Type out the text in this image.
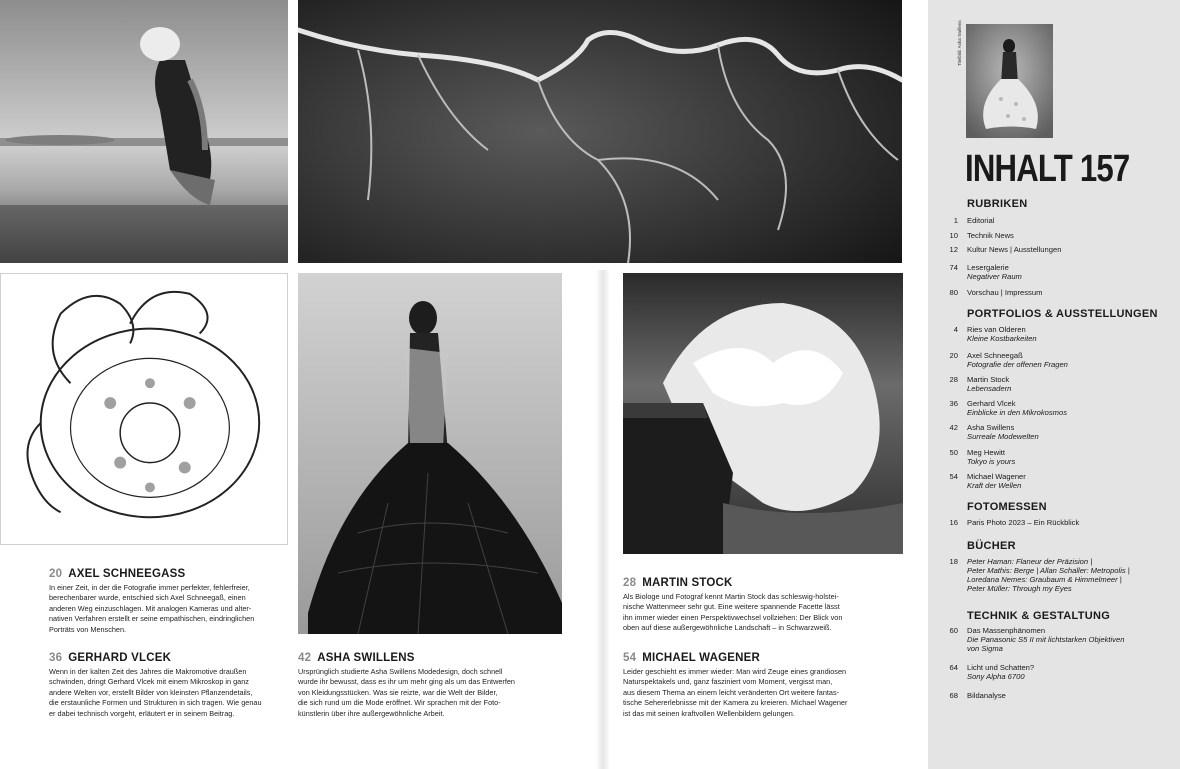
20 AXEL SCHNEEGASS

In einer Zeit, in der die Fotografie immer perfekter, fehlerfreier,
berechenbarer wurde, entschied sich Axel Schneegaß, einen
anderen Weg einzuschlagen. Mit analogen Kameras und alter-
nativen Verfahren erstellt er seine empathischen, eindringlichen
Porträts von Menschen.

36 GERHARD VLCEK

Wenn in der kalten Zeit des Jahres die Makromotive draußen
schwinden, dringt Gerhard Vlcek mit einem Mikroskop in ganz
andere Welten vor, erstellt Bilder von kleinsten Pflanzendetails,
die erstaunliche Formen und Strukturen in sich tragen. Wie genau
er dabei technisch vorgeht, erläutert er in seinem Beitrag.

42 ASHA SWILLENS

Ursprünglich studierte Asha Swillens Modedesign, doch schnell
wurde ihr bewusst, dass es ihr um mehr ging als um das Entwerfen
von Kleidungsstücken. Was sie reizte, war die Welt der Bilder,
die sich rund um die Mode eröffnet. Wir sprachen mit der Foto-
künstlerin über ihre außergewöhnliche Arbeit.

28 MARTIN STOCK

Als Biologe und Fotograf kennt Martin Stock das schleswig-holstei-
nische Wattenmeer sehr gut. Eine weitere spannende Facette lässt
ihn immer wieder einen Perspektivwechsel vollziehen: Der Blick von
oben auf diese außergewöhnliche Landschaft – in Schwarzweiß.

54 MICHAEL WAGENER

Leider geschieht es immer wieder: Man wird Zeuge eines grandiosen
Naturspektakels und, ganz fasziniert vom Moment, vergisst man,
aus diesem Thema an einem leicht veränderten Ort weitere fantas-
tische Sehererlebnisse mit der Kamera zu kreieren. Michael Wagener
ist das mit seinen kraftvollen Wellenbildern gelungen.

Titelbild: Asha Swillens
INHALT 157
RUBRIKEN
1 Editorial
10 Technik News
12 Kultur News | Ausstellungen
74 Lesergalerie
Negativer Raum
80 Vorschau | Impressum
PORTFOLIOS & AUSSTELLUNGEN
4 Ries van Olderen
Kleine Kostbarkeiten
20 Axel Schneegaß
Fotografie der offenen Fragen
28 Martin Stock
Lebensadern
36 Gerhard Vlcek
Einblicke in den Mikrokosmos
42 Asha Swillens
Surreale Modewelten
50 Meg Hewitt
Tokyo is yours
54 Michael Wagener
Kraft der Wellen
FOTOMESSEN
16 Paris Photo 2023 – Ein Rückblick
BÜCHER
18 Peter Haman: Flaneur der Präzision |
Peter Mathis: Berge | Allan Schaller: Metropolis |
Loredana Nemes: Graubaum & Himmelmeer |
Peter Müller: Through my Eyes
TECHNIK & GESTALTUNG
60 Das Massenphänomen
Die Panasonic S5 II mit lichtstarken Objektiven
von Sigma
64 Licht und Schatten?
Sony Alpha 6700
68 Bildanalyse
